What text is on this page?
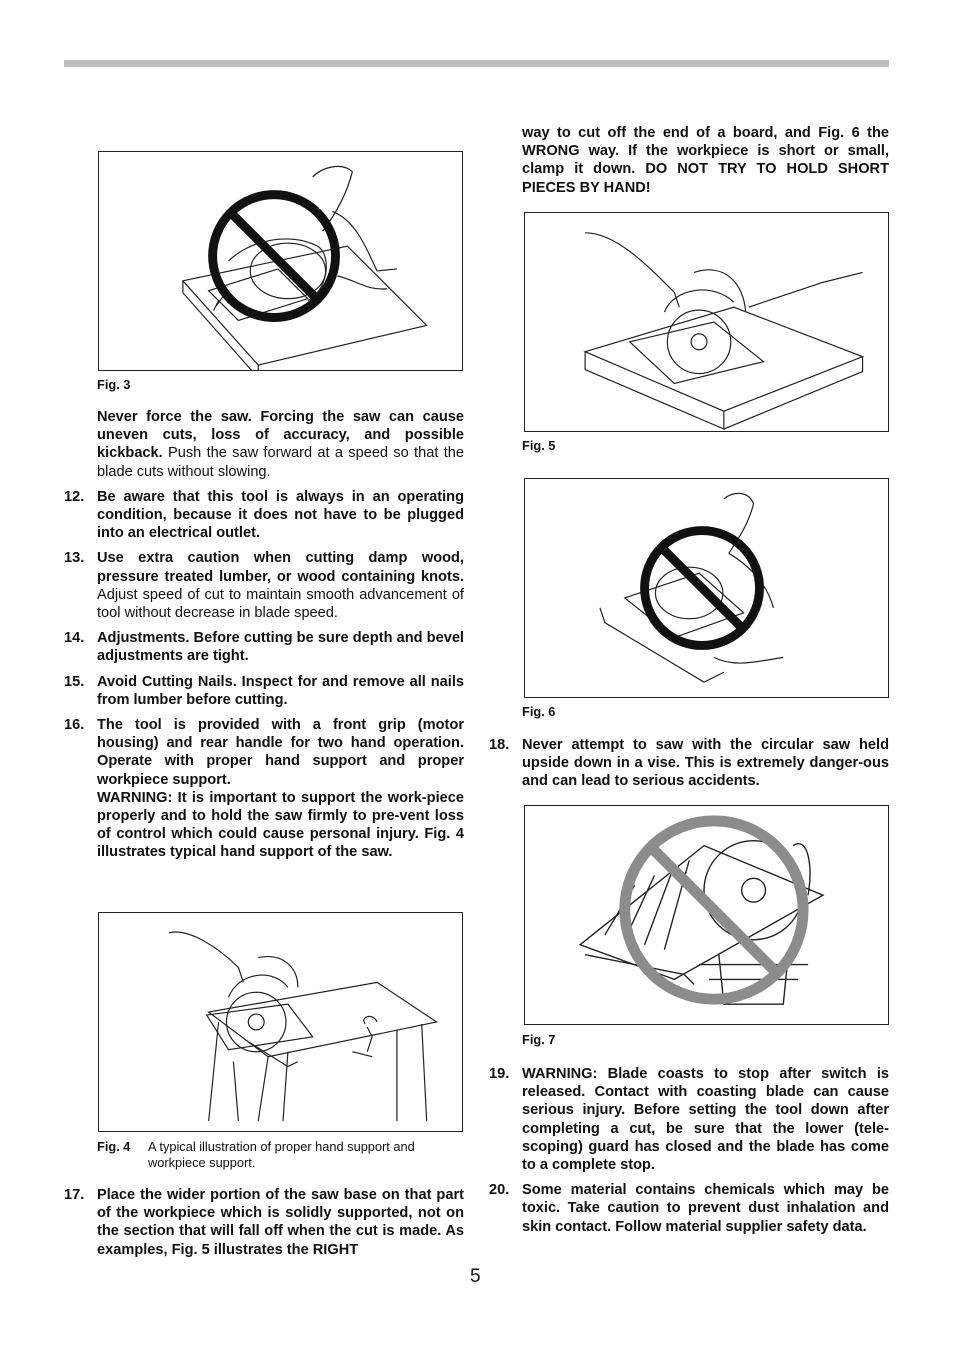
Fig. 3

Never force the saw. Forcing the saw can cause uneven cuts, loss of accuracy, and possible kickback. Push the saw forward at a speed so that the blade cuts without slowing.

12. Be aware that this tool is always in an operating condition, because it does not have to be plugged into an electrical outlet.
13. Use extra caution when cutting damp wood, pressure treated lumber, or wood containing knots. Adjust speed of cut to maintain smooth advancement of tool without decrease in blade speed.
14. Adjustments. Before cutting be sure depth and bevel adjustments are tight.
15. Avoid Cutting Nails. Inspect for and remove all nails from lumber before cutting.
16. The tool is provided with a front grip (motor housing) and rear handle for two hand operation. Operate with proper hand support and proper workpiece support.
WARNING: It is important to support the work-piece properly and to hold the saw firmly to pre-vent loss of control which could cause personal injury. Fig. 4 illustrates typical hand support of the saw.
Fig. 4 A typical illustration of proper hand support and workpiece support.
17. Place the wider portion of the saw base on that part of the workpiece which is solidly supported, not on the section that will fall off when the cut is made. As examples, Fig. 5 illustrates the RIGHT

way to cut off the end of a board, and Fig. 6 the WRONG way. If the workpiece is short or small, clamp it down. DO NOT TRY TO HOLD SHORT PIECES BY HAND!

Fig. 5
Fig. 6
18. Never attempt to saw with the circular saw held upside down in a vise. This is extremely danger-ous and can lead to serious accidents.
Fig. 7
19. WARNING: Blade coasts to stop after switch is released. Contact with coasting blade can cause serious injury. Before setting the tool down after completing a cut, be sure that the lower (tele-scoping) guard has closed and the blade has come to a complete stop.
20. Some material contains chemicals which may be toxic. Take caution to prevent dust inhalation and skin contact. Follow material supplier safety data.
5
